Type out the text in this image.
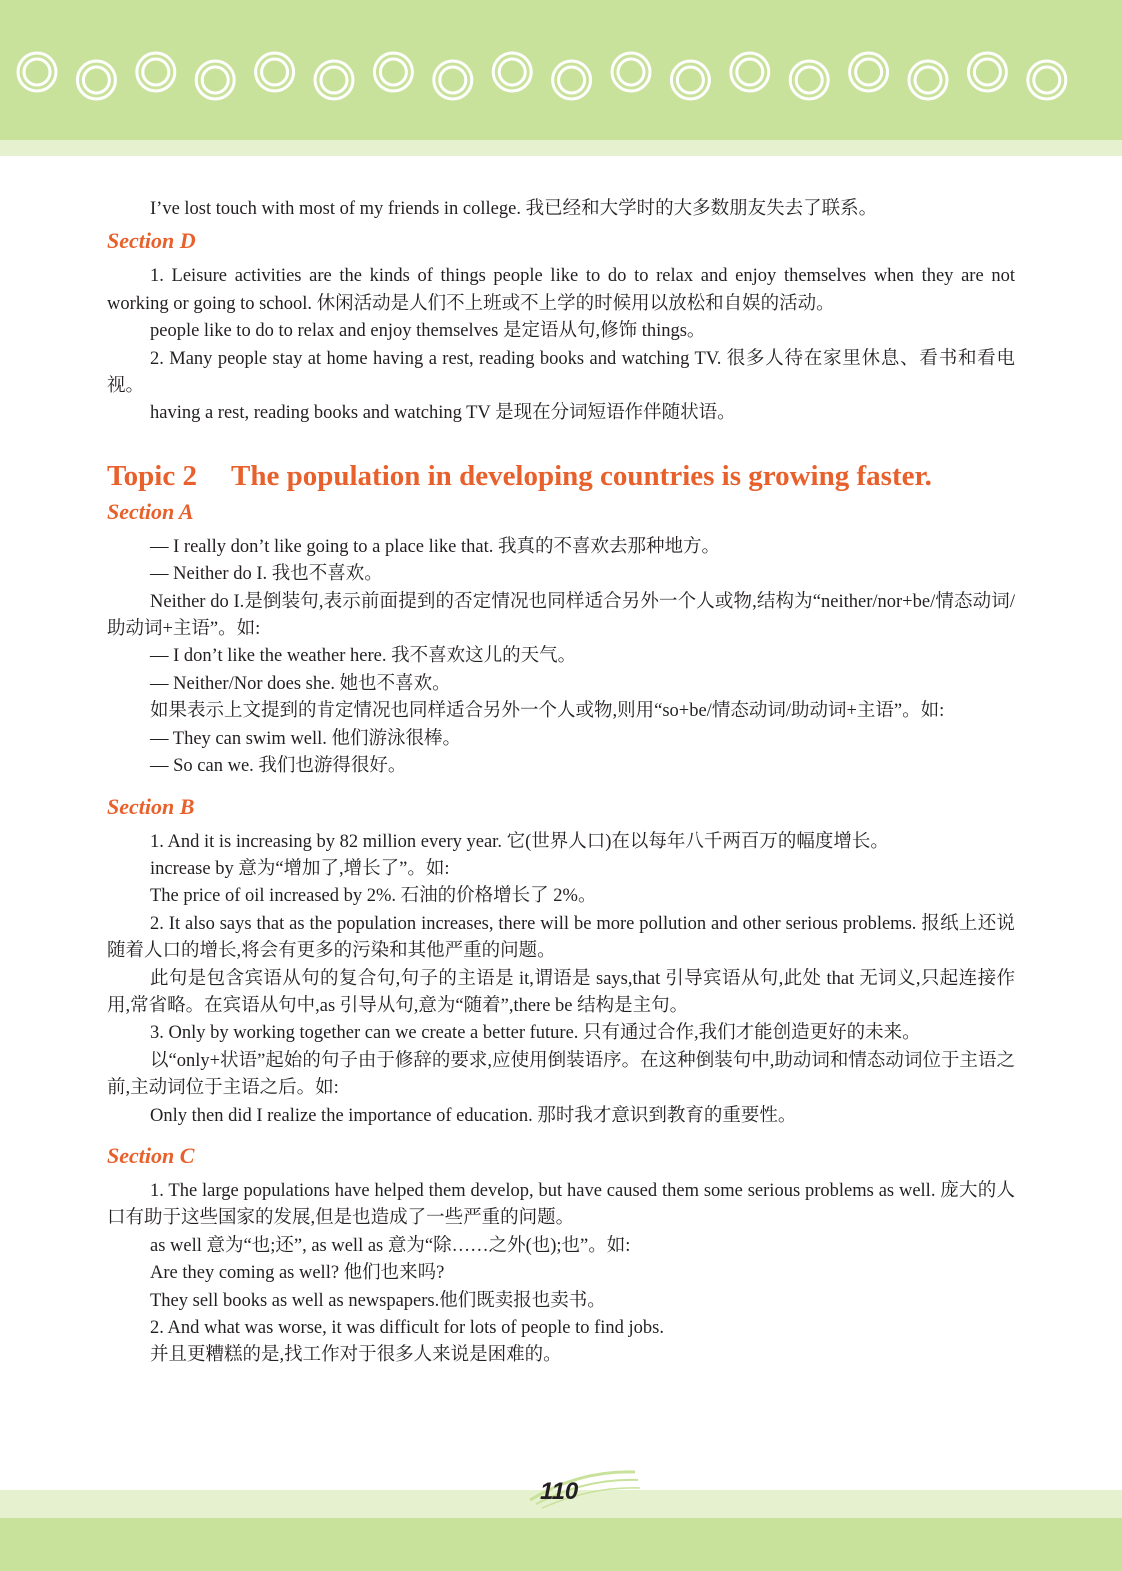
I’ve lost touch with most of my friends in college. 我已经和大学时的大多数朋友失去了联系。

Section D

1. Leisure activities are the kinds of things people like to do to relax and enjoy themselves when they are not working or going to school. 休闲活动是人们不上班或不上学的时候用以放松和自娱的活动。

people like to do to relax and enjoy themselves 是定语从句,修饰 things。

2. Many people stay at home having a rest, reading books and watching TV. 很多人待在家里休息、看书和看电视。

having a rest, reading books and watching TV 是现在分词短语作伴随状语。

Topic 2 The population in developing countries is growing faster.
Section A

— I really don’t like going to a place like that. 我真的不喜欢去那种地方。

— Neither do I. 我也不喜欢。

Neither do I.是倒装句,表示前面提到的否定情况也同样适合另外一个人或物,结构为“neither/nor+be/情态动词/助动词+主语”。如:

— I don’t like the weather here. 我不喜欢这儿的天气。

— Neither/Nor does she. 她也不喜欢。

如果表示上文提到的肯定情况也同样适合另外一个人或物,则用“so+be/情态动词/助动词+主语”。如:

— They can swim well. 他们游泳很棒。

— So can we. 我们也游得很好。

Section B

1. And it is increasing by 82 million every year. 它(世界人口)在以每年八千两百万的幅度增长。

increase by 意为“增加了,增长了”。如:

The price of oil increased by 2%. 石油的价格增长了 2%。

2. It also says that as the population increases, there will be more pollution and other serious problems. 报纸上还说随着人口的增长,将会有更多的污染和其他严重的问题。

此句是包含宾语从句的复合句,句子的主语是 it,谓语是 says,that 引导宾语从句,此处 that 无词义,只起连接作用,常省略。在宾语从句中,as 引导从句,意为“随着”,there be 结构是主句。

3. Only by working together can we create a better future. 只有通过合作,我们才能创造更好的未来。

以“only+状语”起始的句子由于修辞的要求,应使用倒装语序。在这种倒装句中,助动词和情态动词位于主语之前,主动词位于主语之后。如:

Only then did I realize the importance of education. 那时我才意识到教育的重要性。

Section C

1. The large populations have helped them develop, but have caused them some serious problems as well. 庞大的人口有助于这些国家的发展,但是也造成了一些严重的问题。

as well 意为“也;还”, as well as 意为“除……之外(也);也”。如:

Are they coming as well? 他们也来吗?

They sell books as well as newspapers.他们既卖报也卖书。

2. And what was worse, it was difficult for lots of people to find jobs.

并且更糟糕的是,找工作对于很多人来说是困难的。

110
